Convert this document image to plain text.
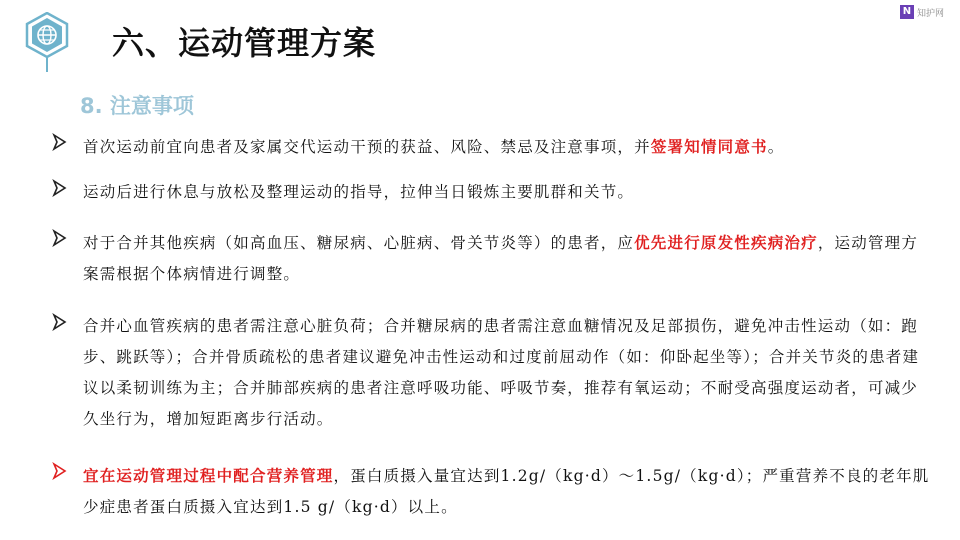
六、运动管理方案
N 知护网
8. 注意事项
首次运动前宜向患者及家属交代运动干预的获益、风险、禁忌及注意事项，并签署知情同意书。
运动后进行休息与放松及整理运动的指导，拉伸当日锻炼主要肌群和关节。
对于合并其他疾病（如高血压、糖尿病、心脏病、骨关节炎等）的患者，应优先进行原发性疾病治疗，运动管理方案需根据个体病情进行调整。
合并心血管疾病的患者需注意心脏负荷；合并糖尿病的患者需注意血糖情况及足部损伤，避免冲击性运动（如：跑步、跳跃等）；合并骨质疏松的患者建议避免冲击性运动和过度前屈动作（如：仰卧起坐等）；合并关节炎的患者建议以柔韧训练为主；合并肺部疾病的患者注意呼吸功能、呼吸节奏，推荐有氧运动；不耐受高强度运动者，可减少久坐行为，增加短距离步行活动。
宜在运动管理过程中配合营养管理，蛋白质摄入量宜达到1.2g/（kg·d）～1.5g/（kg·d）；严重营养不良的老年肌少症患者蛋白质摄入宜达到1.5 g/（kg·d）以上。
